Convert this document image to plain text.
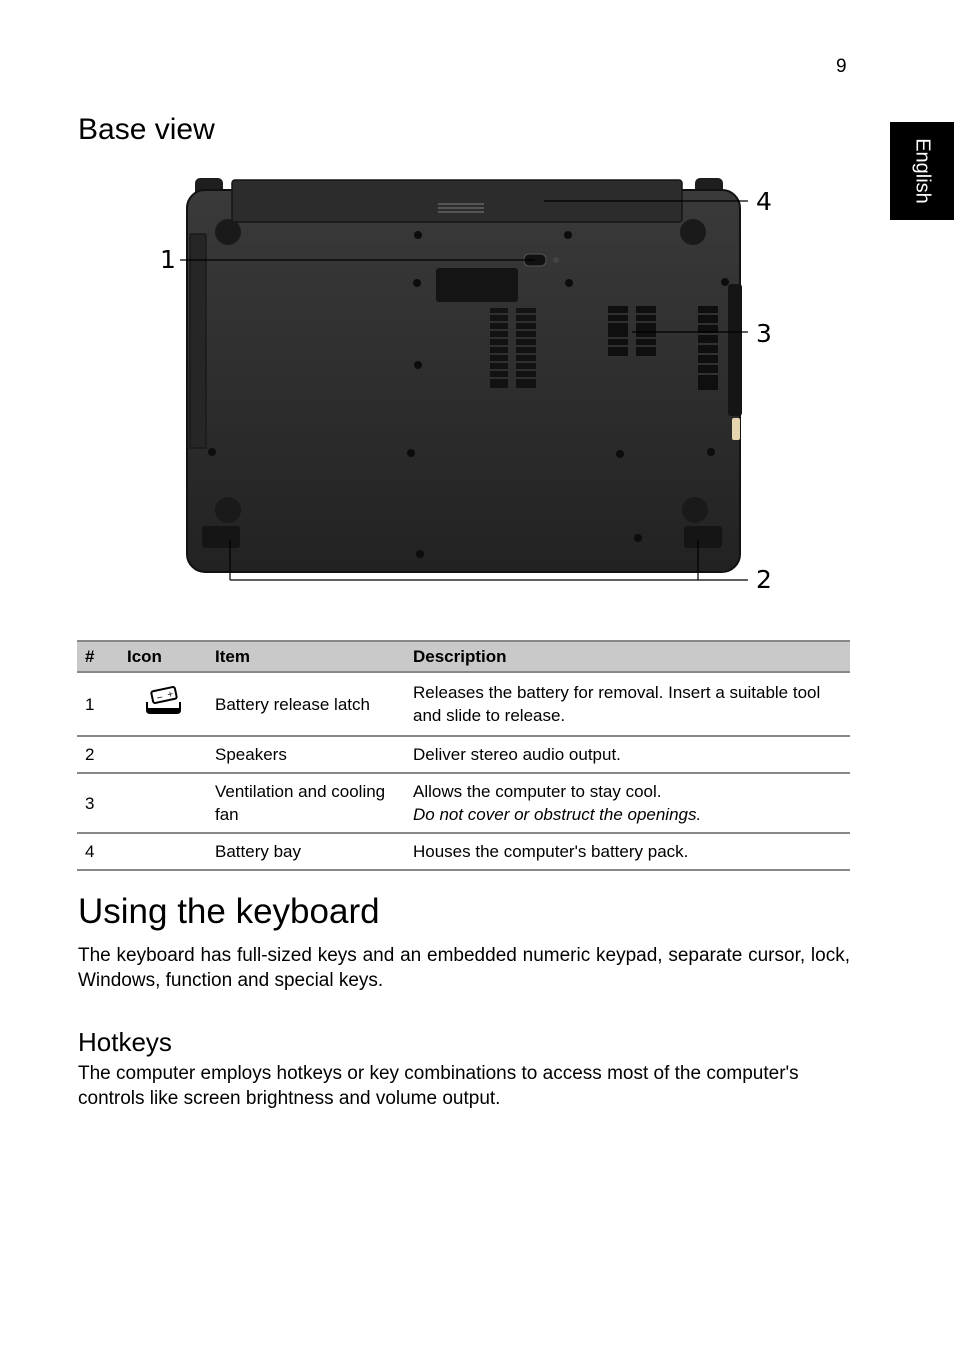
9
English
Base view
1
2
3
4
#	Icon	Item	Description
1	− +	Battery release latch	Releases the battery for removal. Insert a suitable tool and slide to release.
2		Speakers	Deliver stereo audio output.
3		Ventilation and cooling fan	Allows the computer to stay cool.
Do not cover or obstruct the openings.

4		Battery bay	Houses the computer's battery pack.
Using the keyboard

The keyboard has full-sized keys and an embedded numeric keypad, separate cursor, lock, Windows, function and special keys.

Hotkeys

The computer employs hotkeys or key combinations to access most of the computer's controls like screen brightness and volume output.
